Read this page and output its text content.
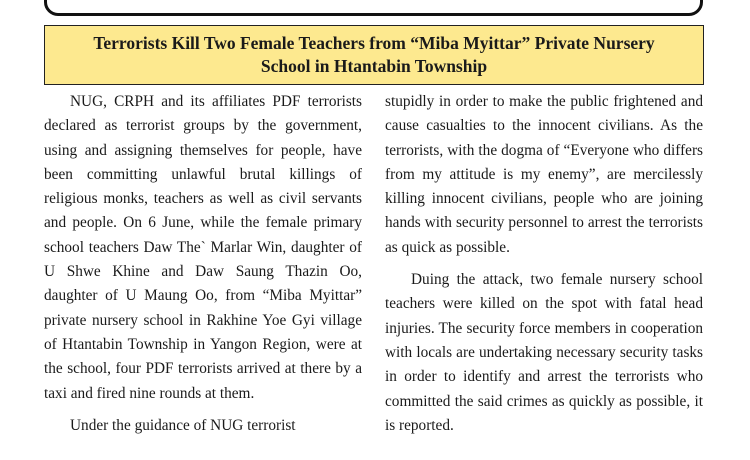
Terrorists Kill Two Female Teachers from “Miba Myittar” Private Nursery School in Htantabin Township

NUG, CRPH and its affiliates PDF terrorists declared as terrorist groups by the government, using and assigning themselves for people, have been committing unlawful brutal killings of religious monks, teachers as well as civil servants and people. On 6 June, while the female primary school teachers Daw The` Marlar Win, daughter of U Shwe Khine and Daw Saung Thazin Oo, daughter of U Maung Oo, from “Miba Myittar” private nursery school in Rakhine Yoe Gyi village of Htantabin Township in Yangon Region, were at the school, four PDF terrorists arrived at there by a taxi and fired nine rounds at them.

Under the guidance of NUG terrorist

stupidly in order to make the public frightened and cause casualties to the innocent civilians. As the terrorists, with the dogma of “Everyone who differs from my attitude is my enemy”, are mercilessly killing innocent civilians, people who are joining hands with security personnel to arrest the terrorists as quick as possible.

Duing the attack, two female nursery school teachers were killed on the spot with fatal head injuries. The security force members in cooperation with locals are undertaking necessary security tasks in order to identify and arrest the terrorists who committed the said crimes as quickly as possible, it is reported.
